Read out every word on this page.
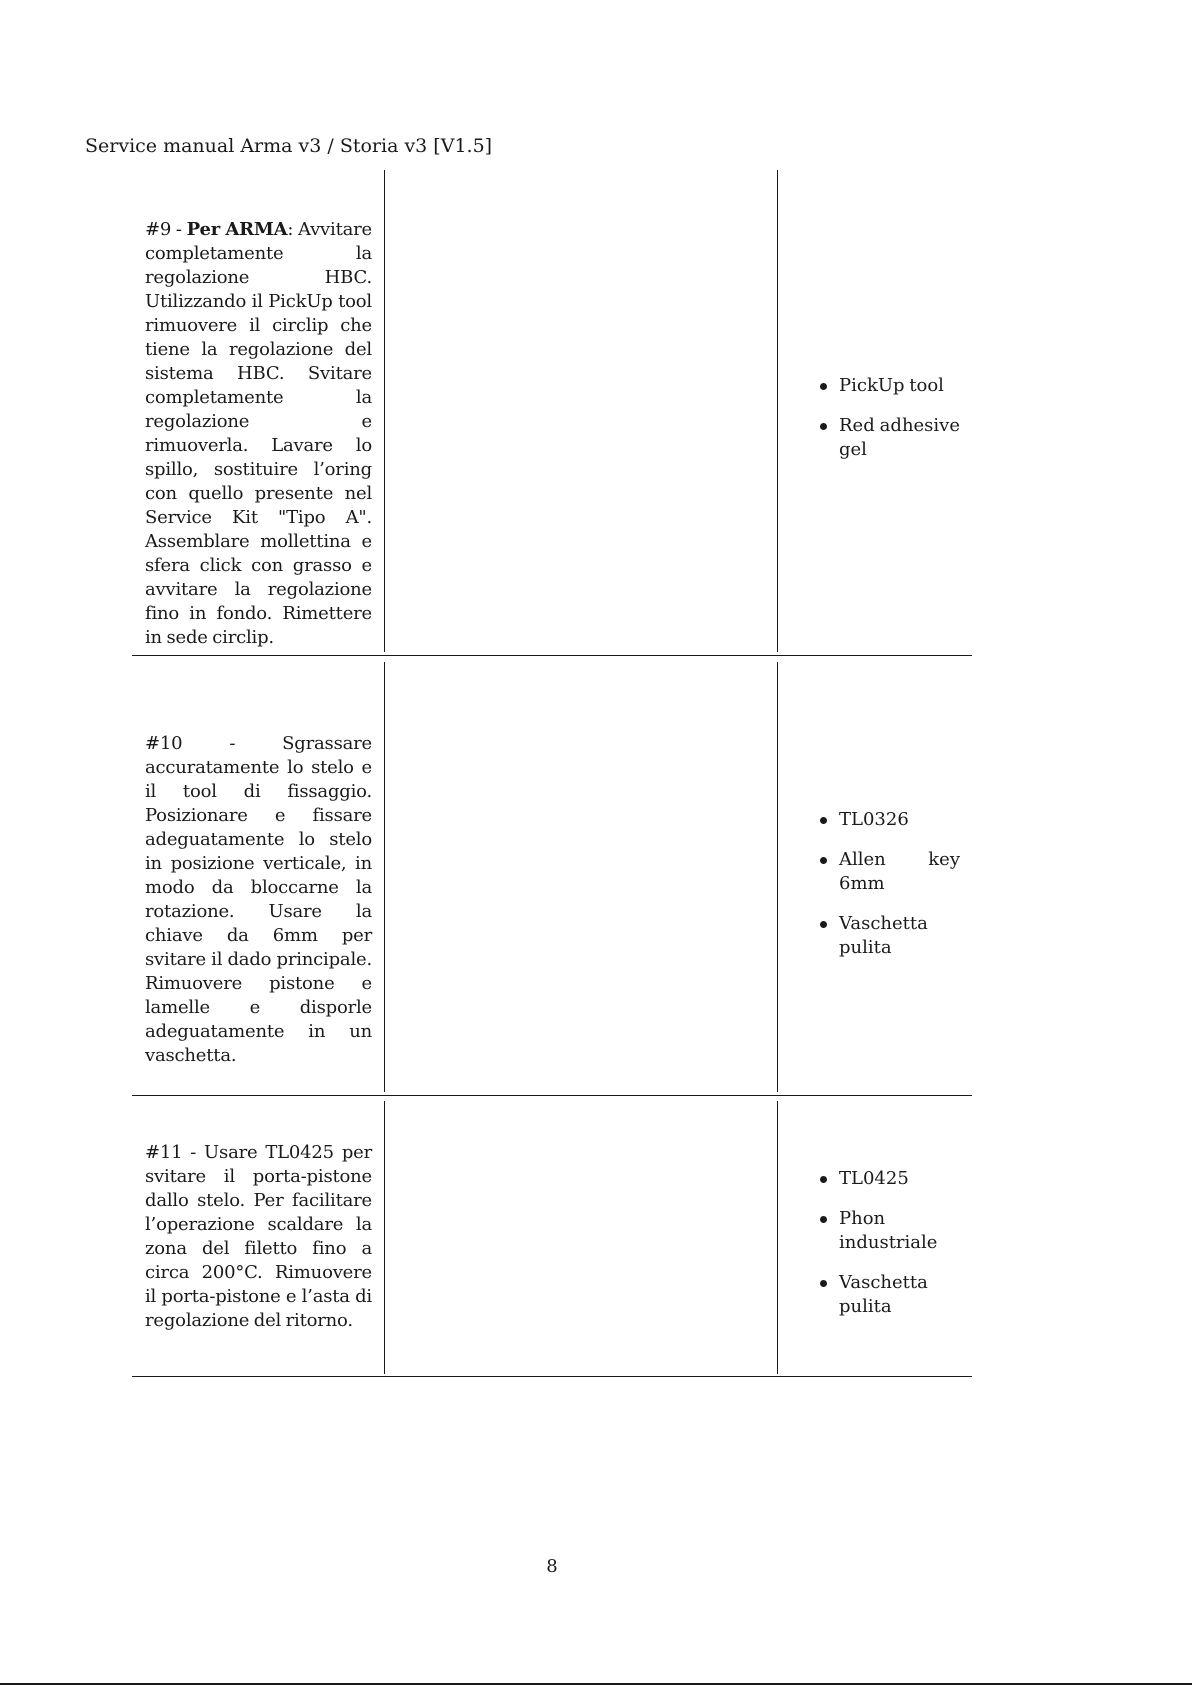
Service manual Arma v3 / Storia v3 [V1.5]
#9 - Per ARMA: Avvitare completamente la regolazione HBC. Utilizzando il PickUp tool rimuovere il circlip che tiene la regolazione del sistema HBC. Svitare completamente la regolazione e rimuoverla. Lavare lo spillo, sostituire l’oring con quello presente nel Service Kit "Tipo A". Assemblare mollettina e sfera click con grasso e avvitare la regolazione fino in fondo. Rimettere in sede circlip.
PickUp tool
Red adhesive gel
#10 - Sgrassare accuratamente lo stelo e il tool di fissaggio. Posizionare e fissare adeguatamente lo stelo in posizione verticale, in modo da bloccarne la rotazione. Usare la chiave da 6mm per svitare il dado principale. Rimuovere pistone e lamelle e disporle adeguatamente in un vaschetta.
TL0326
Allen key 6mm
Vaschetta pulita
#11 - Usare TL0425 per svitare il porta-pistone dallo stelo. Per facilitare l’operazione scaldare la zona del filetto fino a circa 200°C. Rimuovere il porta-pistone e l’asta di regolazione del ritorno.
TL0425
Phon industriale
Vaschetta pulita
8
